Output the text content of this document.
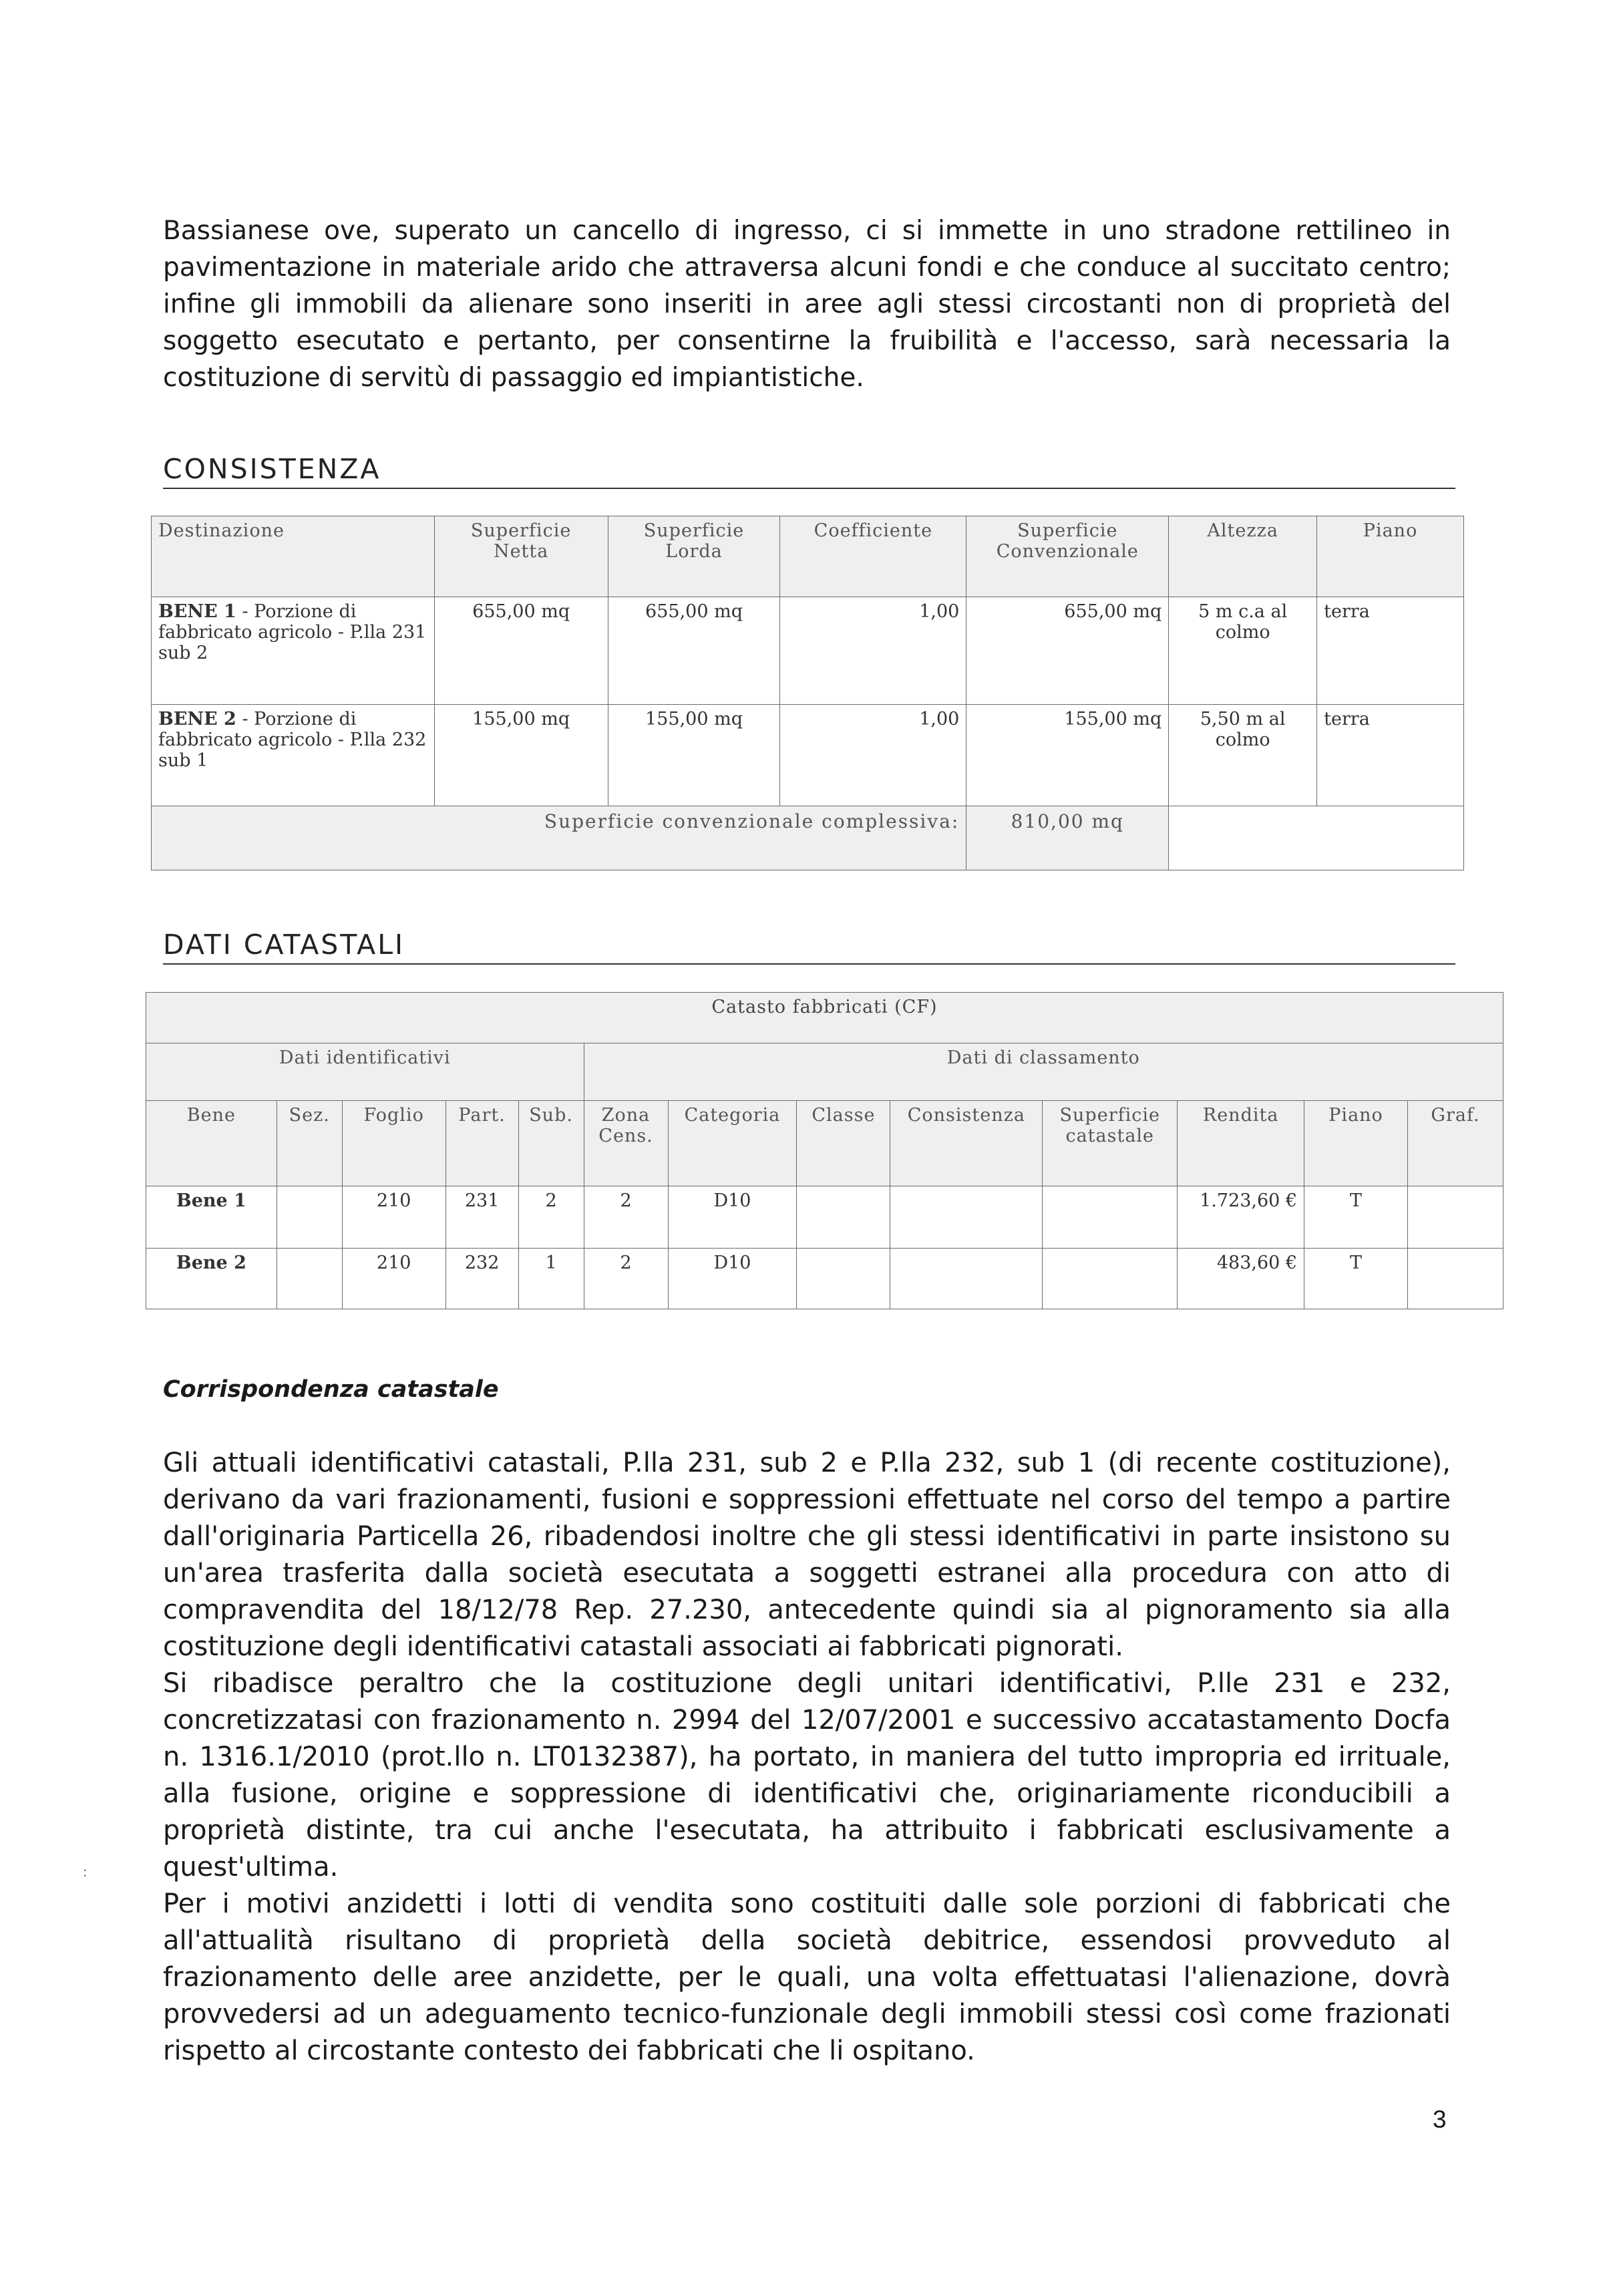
Bassianese ove, superato un cancello di ingresso, ci si immette in uno stradone rettilineo in pavimentazione in materiale arido che attraversa alcuni fondi e che conduce al succitato centro; infine gli immobili da alienare sono inseriti in aree agli stessi circostanti non di proprietà del soggetto esecutato e pertanto, per consentirne la fruibilità e l'accesso, sarà necessaria la costituzione di servitù di passaggio ed impiantistiche.

CONSISTENZA
Destinazione	Superficie Netta	Superficie Lorda	Coefficiente	Superficie Convenzionale	Altezza	Piano
BENE 1 - Porzione di fabbricato agricolo - P.lla 231 sub 2	655,00 mq	655,00 mq	1,00	655,00 mq	5 m c.a al colmo	terra
BENE 2 - Porzione di fabbricato agricolo - P.lla 232 sub 1	155,00 mq	155,00 mq	1,00	155,00 mq	5,50 m al colmo	terra
Superficie convenzionale complessiva:				810,00 mq		
DATI CATASTALI
Catasto fabbricati (CF)												
Dati identificativi					Dati di classamento							
Bene	Sez.	Foglio	Part.	Sub.	Zona Cens.	Categoria	Classe	Consistenza	Superficie catastale	Rendita	Piano	Graf.
Bene 1		210	231	2	2	D10				1.723,60 €	T	
Bene 2		210	232	1	2	D10				483,60 €	T	
Corrispondenza catastale
Gli attuali identificativi catastali, P.lla 231, sub 2 e P.lla 232, sub 1 (di recente costituzione), derivano da vari frazionamenti, fusioni e soppressioni effettuate nel corso del tempo a partire dall'originaria Particella 26, ribadendosi inoltre che gli stessi identificativi in parte insistono su un'area trasferita dalla società esecutata a soggetti estranei alla procedura con atto di compravendita del 18/12/78 Rep. 27.230, antecedente quindi sia al pignoramento sia alla costituzione degli identificativi catastali associati ai fabbricati pignorati.
Si ribadisce peraltro che la costituzione degli unitari identificativi, P.lle 231 e 232, concretizzatasi con frazionamento n. 2994 del 12/07/2001 e successivo accatastamento Docfa n. 1316.1/2010 (prot.llo n. LT0132387), ha portato, in maniera del tutto impropria ed irrituale, alla fusione, origine e soppressione di identificativi che, originariamente riconducibili a proprietà distinte, tra cui anche l'esecutata, ha attribuito i fabbricati esclusivamente a quest'ultima.
Per i motivi anzidetti i lotti di vendita sono costituiti dalle sole porzioni di fabbricati che all'attualità risultano di proprietà della società debitrice, essendosi provveduto al frazionamento delle aree anzidette, per le quali, una volta effettuatasi l'alienazione, dovrà provvedersi ad un adeguamento tecnico-funzionale degli immobili stessi così come frazionati rispetto al circostante contesto dei fabbricati che li ospitano.
:
3
